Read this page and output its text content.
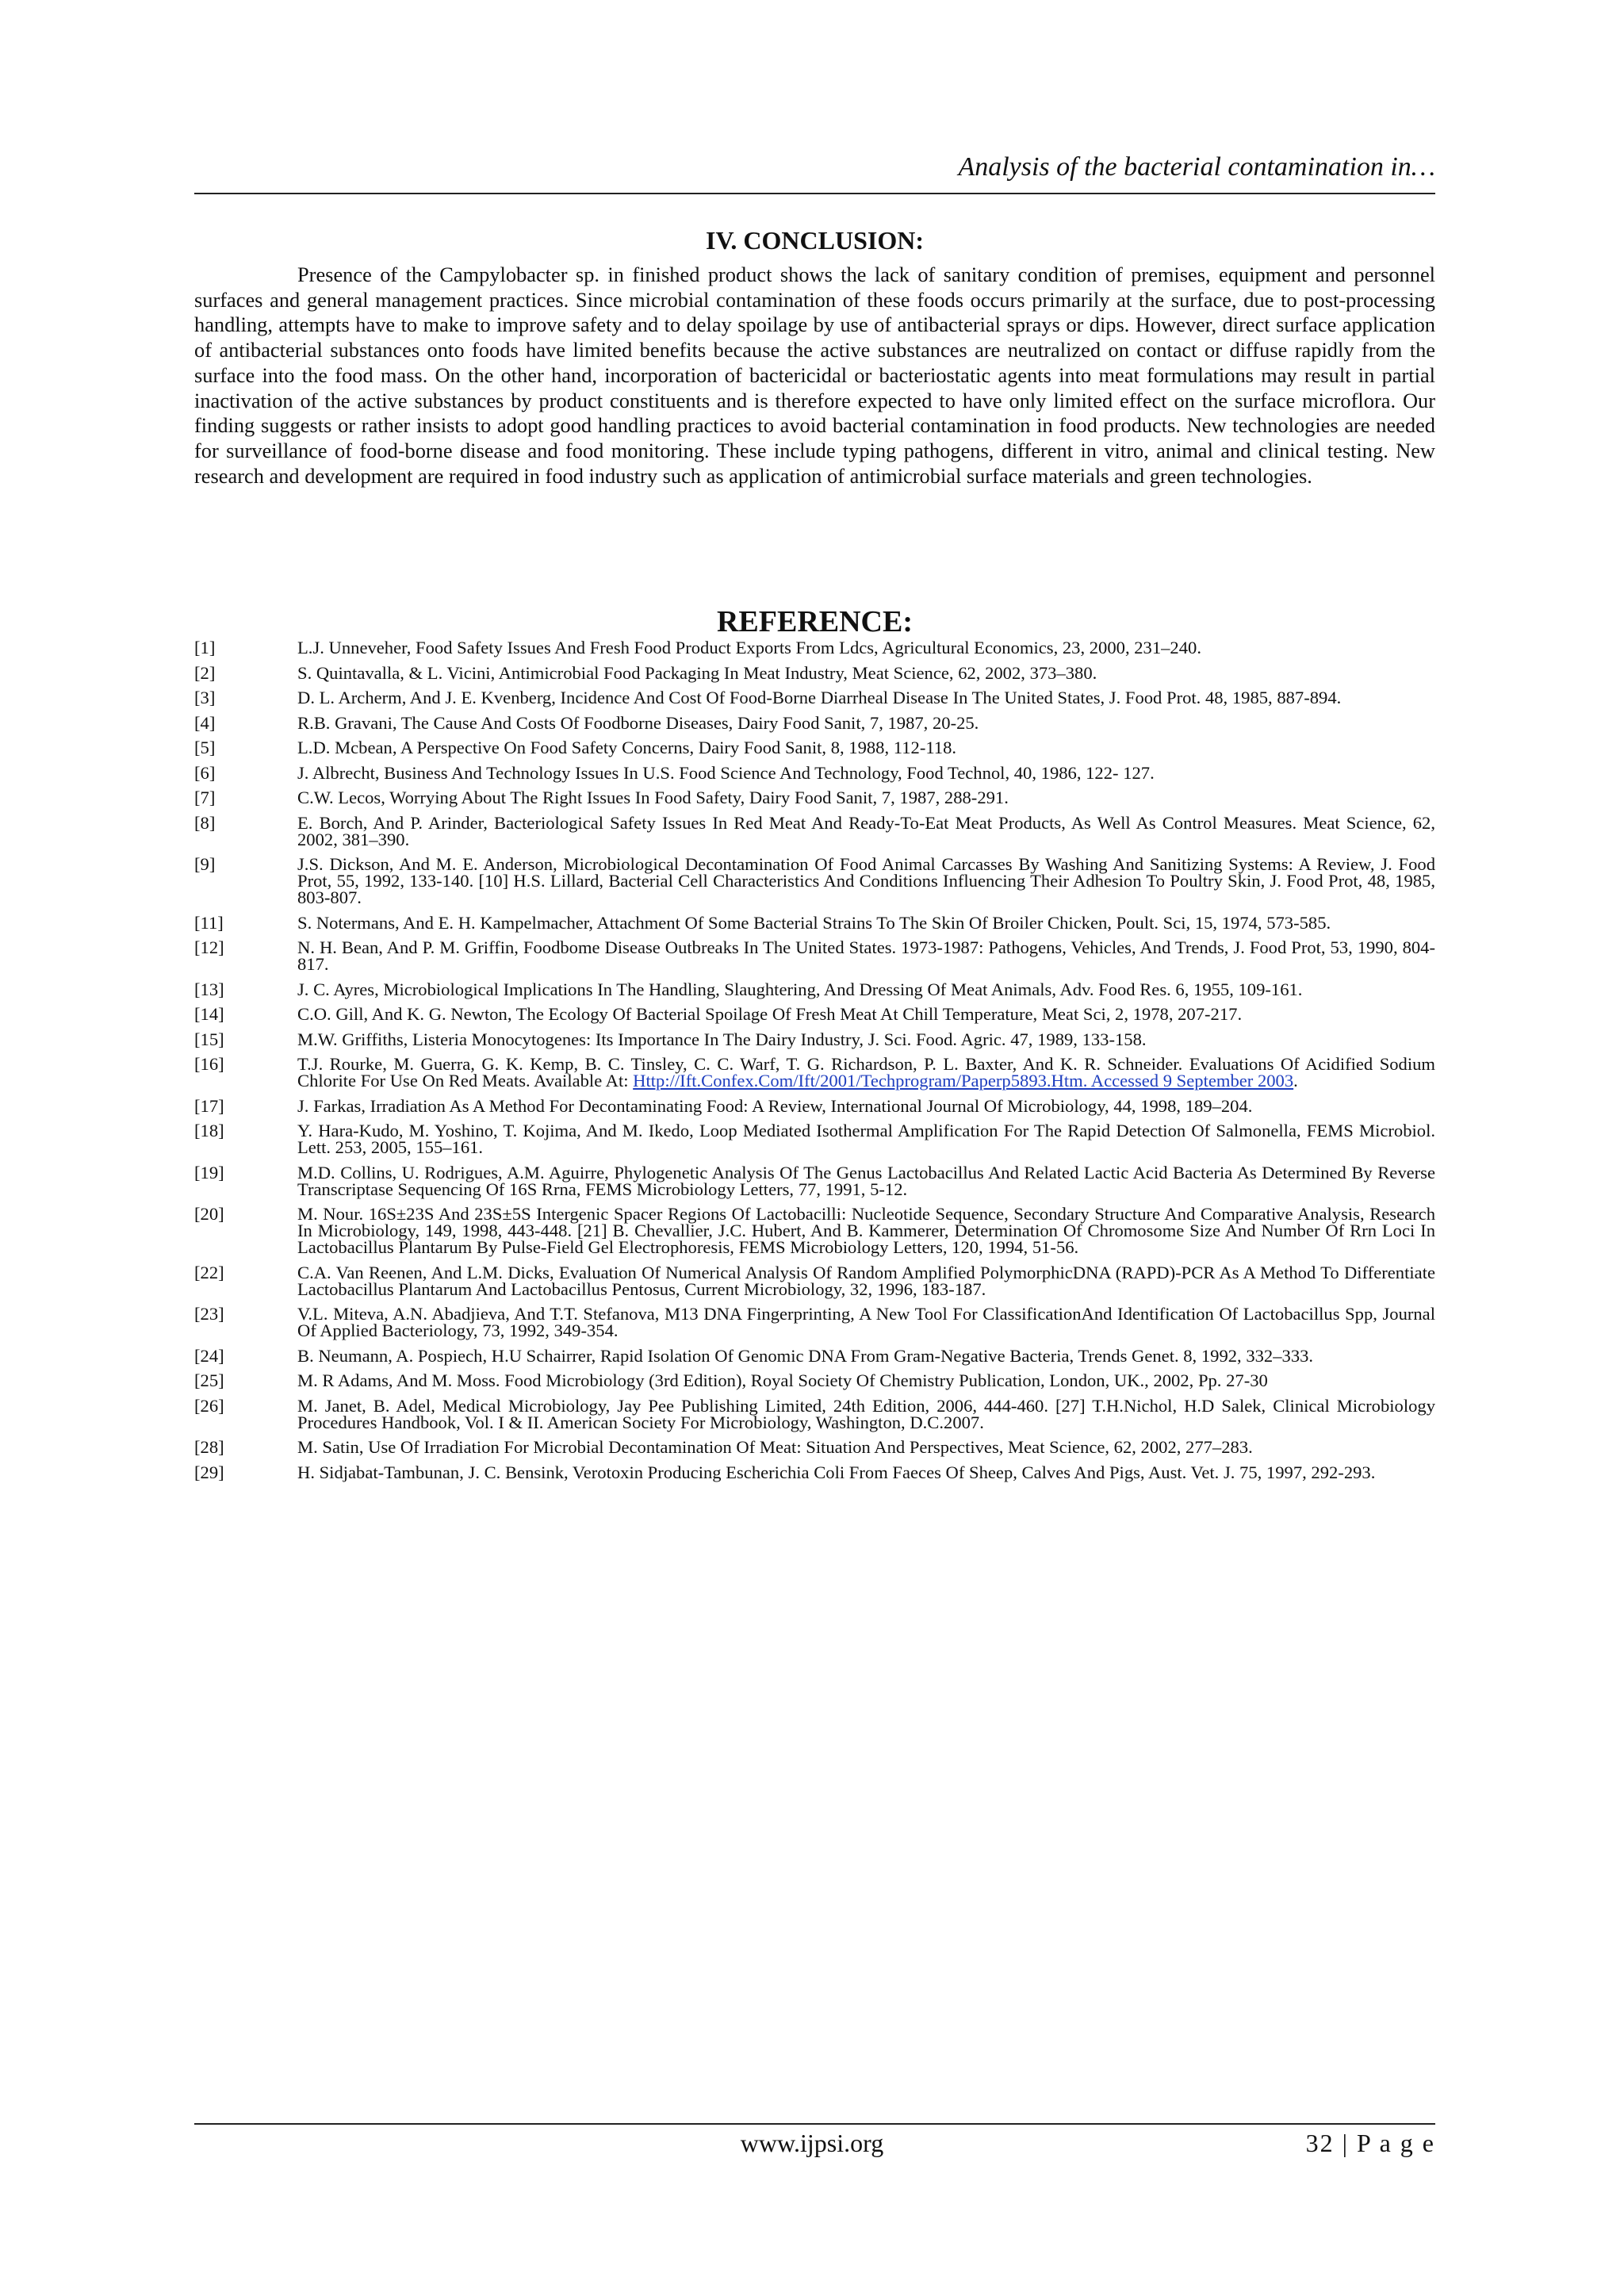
Analysis of the bacterial contamination in…
IV. CONCLUSION:

Presence of the Campylobacter sp. in finished product shows the lack of sanitary condition of premises, equipment and personnel surfaces and general management practices. Since microbial contamination of these foods occurs primarily at the surface, due to post-processing handling, attempts have to make to improve safety and to delay spoilage by use of antibacterial sprays or dips. However, direct surface application of antibacterial substances onto foods have limited benefits because the active substances are neutralized on contact or diffuse rapidly from the surface into the food mass. On the other hand, incorporation of bactericidal or bacteriostatic agents into meat formulations may result in partial inactivation of the active substances by product constituents and is therefore expected to have only limited effect on the surface microflora. Our finding suggests or rather insists to adopt good handling practices to avoid bacterial contamination in food products. New technologies are needed for surveillance of food-borne disease and food monitoring. These include typing pathogens, different in vitro, animal and clinical testing. New research and development are required in food industry such as application of antimicrobial surface materials and green technologies.

REFERENCE:
[1]	L.J. Unneveher, Food Safety Issues And Fresh Food Product Exports From Ldcs, Agricultural Economics, 23, 2000, 231–240.
[2]	S. Quintavalla, & L. Vicini, Antimicrobial Food Packaging In Meat Industry, Meat Science, 62, 2002, 373–380.
[3]	D. L. Archerm, And J. E. Kvenberg, Incidence And Cost Of Food-Borne Diarrheal Disease In The United States, J. Food Prot. 48, 1985, 887-894.
[4]	R.B. Gravani, The Cause And Costs Of Foodborne Diseases, Dairy Food Sanit, 7, 1987, 20-25.
[5]	L.D. Mcbean, A Perspective On Food Safety Concerns, Dairy Food Sanit, 8, 1988, 112-118.
[6]	J. Albrecht, Business And Technology Issues In U.S. Food Science And Technology, Food Technol, 40, 1986, 122- 127.
[7]	C.W. Lecos, Worrying About The Right Issues In Food Safety, Dairy Food Sanit, 7, 1987, 288-291.
[8]	E. Borch, And P. Arinder, Bacteriological Safety Issues In Red Meat And Ready-To-Eat Meat Products, As Well As Control Measures. Meat Science, 62, 2002, 381–390.
[9]	J.S. Dickson, And M. E. Anderson, Microbiological Decontamination Of Food Animal Carcasses By Washing And Sanitizing Systems: A Review, J. Food Prot, 55, 1992, 133-140. [10] H.S. Lillard, Bacterial Cell Characteristics And Conditions Influencing Their Adhesion To Poultry Skin, J. Food Prot, 48, 1985, 803-807.
[11]	S. Notermans, And E. H. Kampelmacher, Attachment Of Some Bacterial Strains To The Skin Of Broiler Chicken, Poult. Sci, 15, 1974, 573-585.
[12]	N. H. Bean, And P. M. Griffin, Foodbome Disease Outbreaks In The United States. 1973-1987: Pathogens, Vehicles, And Trends, J. Food Prot, 53, 1990, 804-817.
[13]	J. C. Ayres, Microbiological Implications In The Handling, Slaughtering, And Dressing Of Meat Animals, Adv. Food Res. 6, 1955, 109-161.
[14]	C.O. Gill, And K. G. Newton, The Ecology Of Bacterial Spoilage Of Fresh Meat At Chill Temperature, Meat Sci, 2, 1978, 207-217.
[15]	M.W. Griffiths, Listeria Monocytogenes: Its Importance In The Dairy Industry, J. Sci. Food. Agric. 47, 1989, 133-158.
[16]	T.J. Rourke, M. Guerra, G. K. Kemp, B. C. Tinsley, C. C. Warf, T. G. Richardson, P. L. Baxter, And K. R. Schneider. Evaluations Of Acidified Sodium Chlorite For Use On Red Meats. Available At: Http://Ift.Confex.Com/Ift/2001/Techprogram/Paperp5893.Htm. Accessed 9 September 2003.
[17]	J. Farkas, Irradiation As A Method For Decontaminating Food: A Review, International Journal Of Microbiology, 44, 1998, 189–204.
[18]	Y. Hara-Kudo, M. Yoshino, T. Kojima, And M. Ikedo, Loop Mediated Isothermal Amplification For The Rapid Detection Of Salmonella, FEMS Microbiol. Lett. 253, 2005, 155–161.
[19]	M.D. Collins, U. Rodrigues, A.M. Aguirre, Phylogenetic Analysis Of The Genus Lactobacillus And Related Lactic Acid Bacteria As Determined By Reverse Transcriptase Sequencing Of 16S Rrna, FEMS Microbiology Letters, 77, 1991, 5-12.
[20]	M. Nour. 16S±23S And 23S±5S Intergenic Spacer Regions Of Lactobacilli: Nucleotide Sequence, Secondary Structure And Comparative Analysis, Research In Microbiology, 149, 1998, 443-448. [21] B. Chevallier, J.C. Hubert, And B. Kammerer, Determination Of Chromosome Size And Number Of Rrn Loci In Lactobacillus Plantarum By Pulse-Field Gel Electrophoresis, FEMS Microbiology Letters, 120, 1994, 51-56.
[22]	C.A. Van Reenen, And L.M. Dicks, Evaluation Of Numerical Analysis Of Random Amplified PolymorphicDNA (RAPD)-PCR As A Method To Differentiate Lactobacillus Plantarum And Lactobacillus Pentosus, Current Microbiology, 32, 1996, 183-187.
[23]	V.L. Miteva, A.N. Abadjieva, And T.T. Stefanova, M13 DNA Fingerprinting, A New Tool For ClassificationAnd Identification Of Lactobacillus Spp, Journal Of Applied Bacteriology, 73, 1992, 349-354.
[24]	B. Neumann, A. Pospiech, H.U Schairrer, Rapid Isolation Of Genomic DNA From Gram-Negative Bacteria, Trends Genet. 8, 1992, 332–333.
[25]	M. R Adams, And M. Moss. Food Microbiology (3rd Edition), Royal Society Of Chemistry Publication, London, UK., 2002, Pp. 27-30
[26]	M. Janet, B. Adel, Medical Microbiology, Jay Pee Publishing Limited, 24th Edition, 2006, 444-460. [27] T.H.Nichol, H.D Salek, Clinical Microbiology Procedures Handbook, Vol. I & II. American Society For Microbiology, Washington, D.C.2007.
[28]	M. Satin, Use Of Irradiation For Microbial Decontamination Of Meat: Situation And Perspectives, Meat Science, 62, 2002, 277–283.
[29]	H. Sidjabat-Tambunan, J. C. Bensink, Verotoxin Producing Escherichia Coli From Faeces Of Sheep, Calves And Pigs, Aust. Vet. J. 75, 1997, 292-293.
www.ijpsi.org	32 | P a g e
